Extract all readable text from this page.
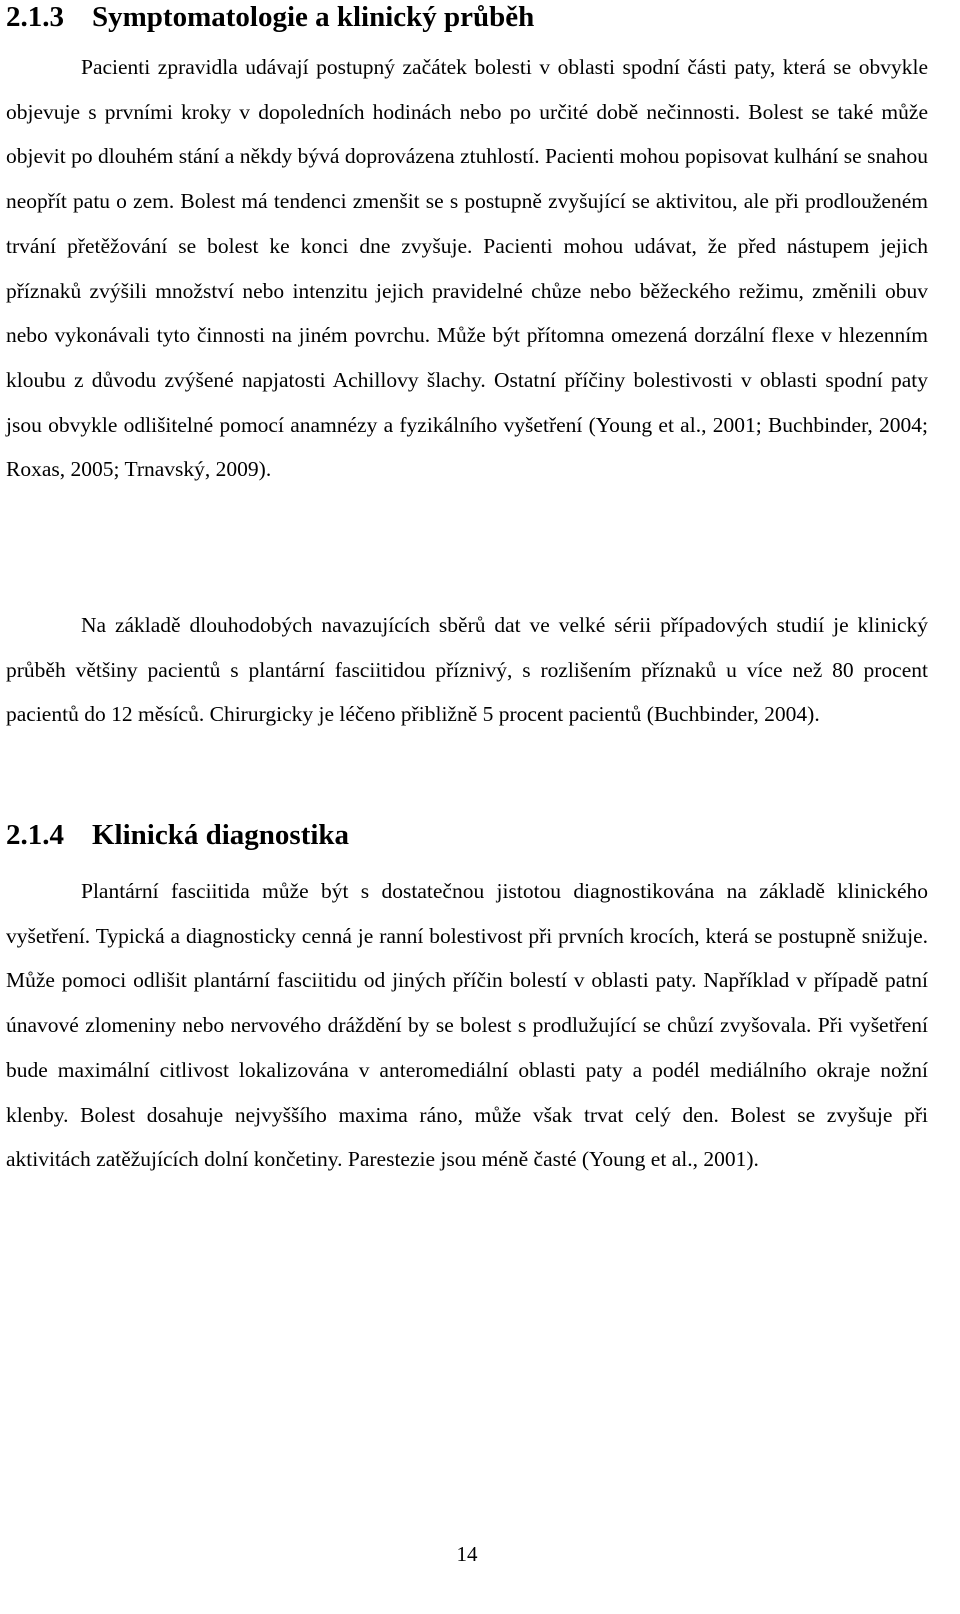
2.1.3 Symptomatologie a klinický průběh

Pacienti zpravidla udávají postupný začátek bolesti v oblasti spodní části paty, která se obvykle objevuje s prvními kroky v dopoledních hodinách nebo po určité době nečinnosti. Bolest se také může objevit po dlouhém stání a někdy bývá doprovázena ztuhlostí. Pacienti mohou popisovat kulhání se snahou neopřít patu o zem. Bolest má tendenci zmenšit se s postupně zvyšující se aktivitou, ale při prodlouženém trvání přetěžování se bolest ke konci dne zvyšuje. Pacienti mohou udávat, že před nástupem jejich příznaků zvýšili množství nebo intenzitu jejich pravidelné chůze nebo běžeckého režimu, změnili obuv nebo vykonávali tyto činnosti na jiném povrchu. Může být přítomna omezená dorzální flexe v hlezenním kloubu z důvodu zvýšené napjatosti Achillovy šlachy. Ostatní příčiny bolestivosti v oblasti spodní paty jsou obvykle odlišitelné pomocí anamnézy a fyzikálního vyšetření (Young et al., 2001; Buchbinder, 2004; Roxas, 2005; Trnavský, 2009).

Na základě dlouhodobých navazujících sběrů dat ve velké sérii případových studií je klinický průběh většiny pacientů s plantární fasciitidou příznivý, s rozlišením příznaků u více než 80 procent pacientů do 12 měsíců. Chirurgicky je léčeno přibližně 5 procent pacientů (Buchbinder, 2004).

2.1.4 Klinická diagnostika

Plantární fasciitida může být s dostatečnou jistotou diagnostikována na základě klinického vyšetření. Typická a diagnosticky cenná je ranní bolestivost při prvních krocích, která se postupně snižuje. Může pomoci odlišit plantární fasciitidu od jiných příčin bolestí v oblasti paty. Například v případě patní únavové zlomeniny nebo nervového dráždění by se bolest s prodlužující se chůzí zvyšovala. Při vyšetření bude maximální citlivost lokalizována v anteromediální oblasti paty a podél mediálního okraje nožní klenby. Bolest dosahuje nejvyššího maxima ráno, může však trvat celý den. Bolest se zvyšuje při aktivitách zatěžujících dolní končetiny. Parestezie jsou méně časté (Young et al., 2001).

14
